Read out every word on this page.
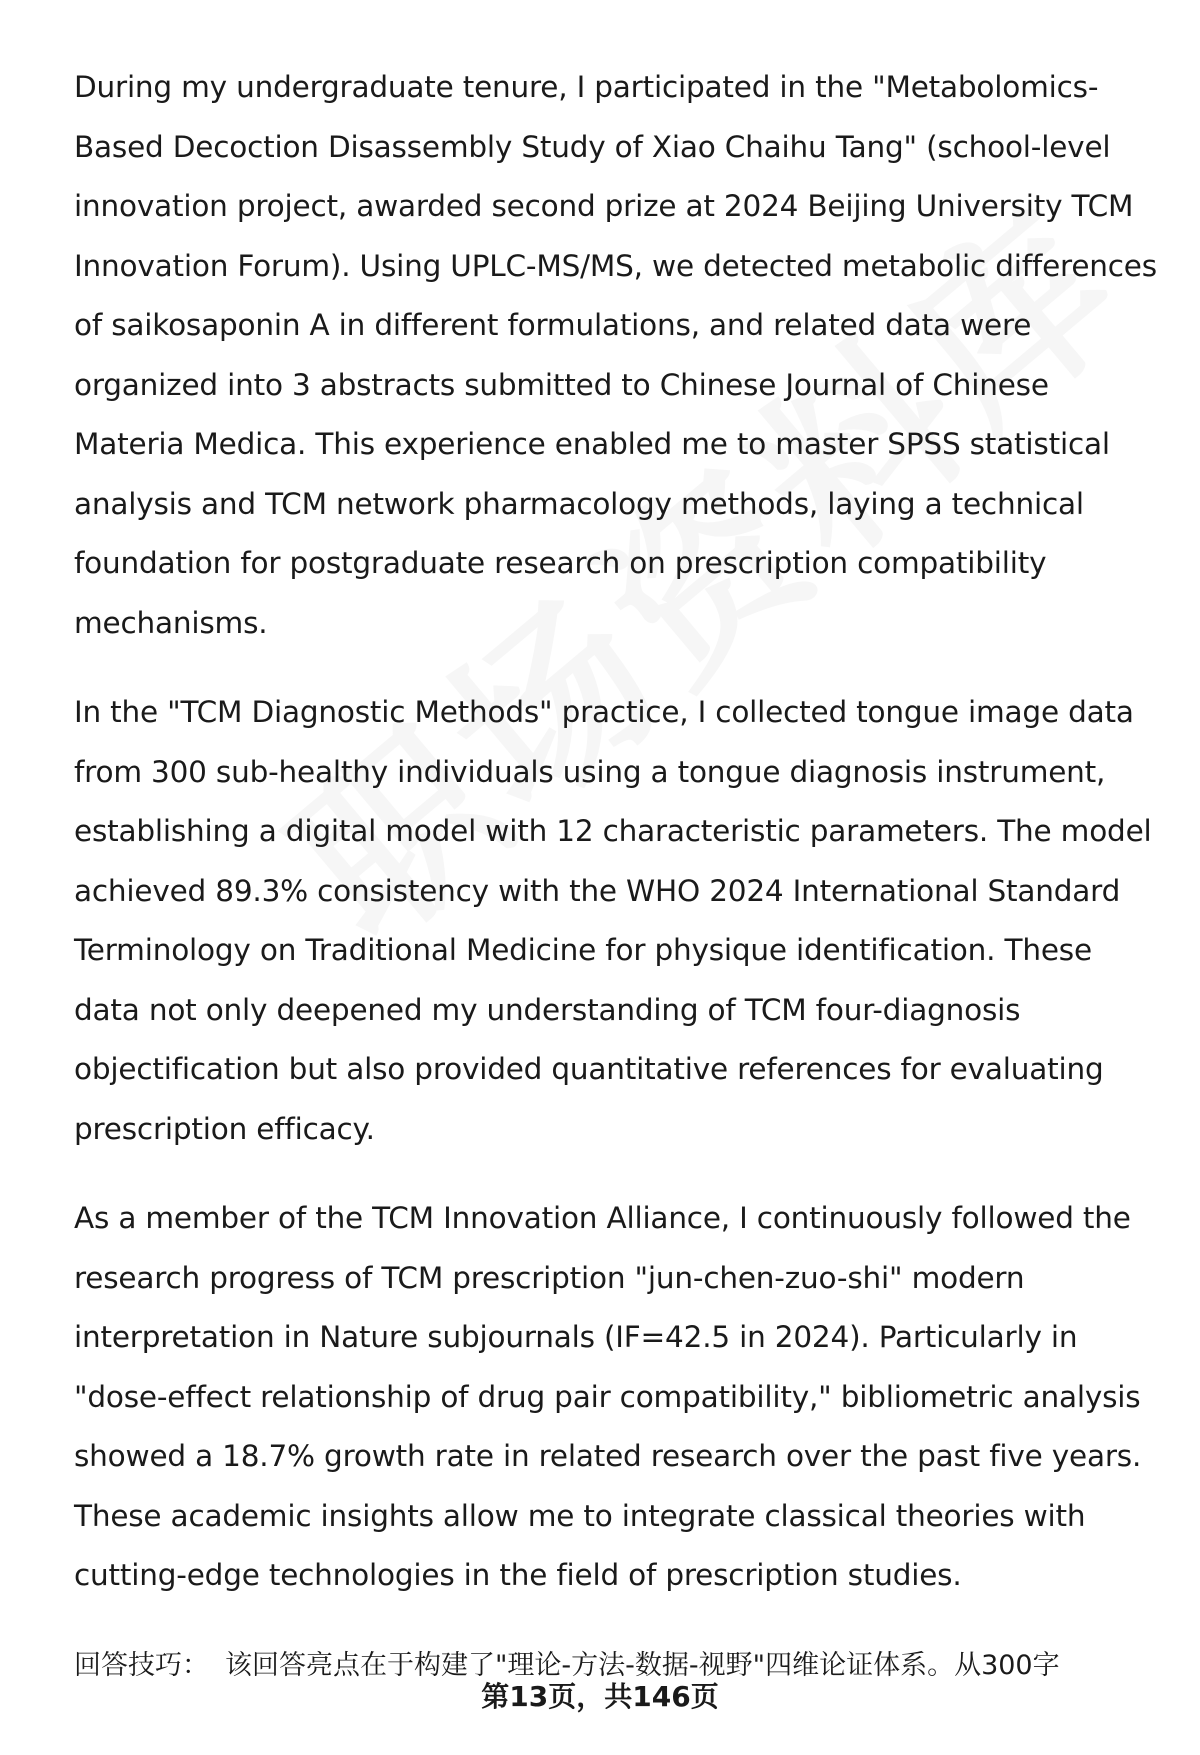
During my undergraduate tenure, I participated in the "Metabolomics-Based Decoction Disassembly Study of Xiao Chaihu Tang" (school-level innovation project, awarded second prize at 2024 Beijing University TCM Innovation Forum). Using UPLC-MS/MS, we detected metabolic differences of saikosaponin A in different formulations, and related data were organized into 3 abstracts submitted to Chinese Journal of Chinese Materia Medica. This experience enabled me to master SPSS statistical analysis and TCM network pharmacology methods, laying a technical foundation for postgraduate research on prescription compatibility mechanisms.

In the "TCM Diagnostic Methods" practice, I collected tongue image data from 300 sub-healthy individuals using a tongue diagnosis instrument, establishing a digital model with 12 characteristic parameters. The model achieved 89.3% consistency with the WHO 2024 International Standard Terminology on Traditional Medicine for physique identification. These data not only deepened my understanding of TCM four-diagnosis objectification but also provided quantitative references for evaluating prescription efficacy.

As a member of the TCM Innovation Alliance, I continuously followed the research progress of TCM prescription "jun-chen-zuo-shi" modern interpretation in Nature subjournals (IF=42.5 in 2024). Particularly in "dose-effect relationship of drug pair compatibility," bibliometric analysis showed a 18.7% growth rate in related research over the past five years. These academic insights allow me to integrate classical theories with cutting-edge technologies in the field of prescription studies.

回答技巧： 该回答亮点在于构建了"理论-方法-数据-视野"四维论证体系。从300字

第13页，共146页
